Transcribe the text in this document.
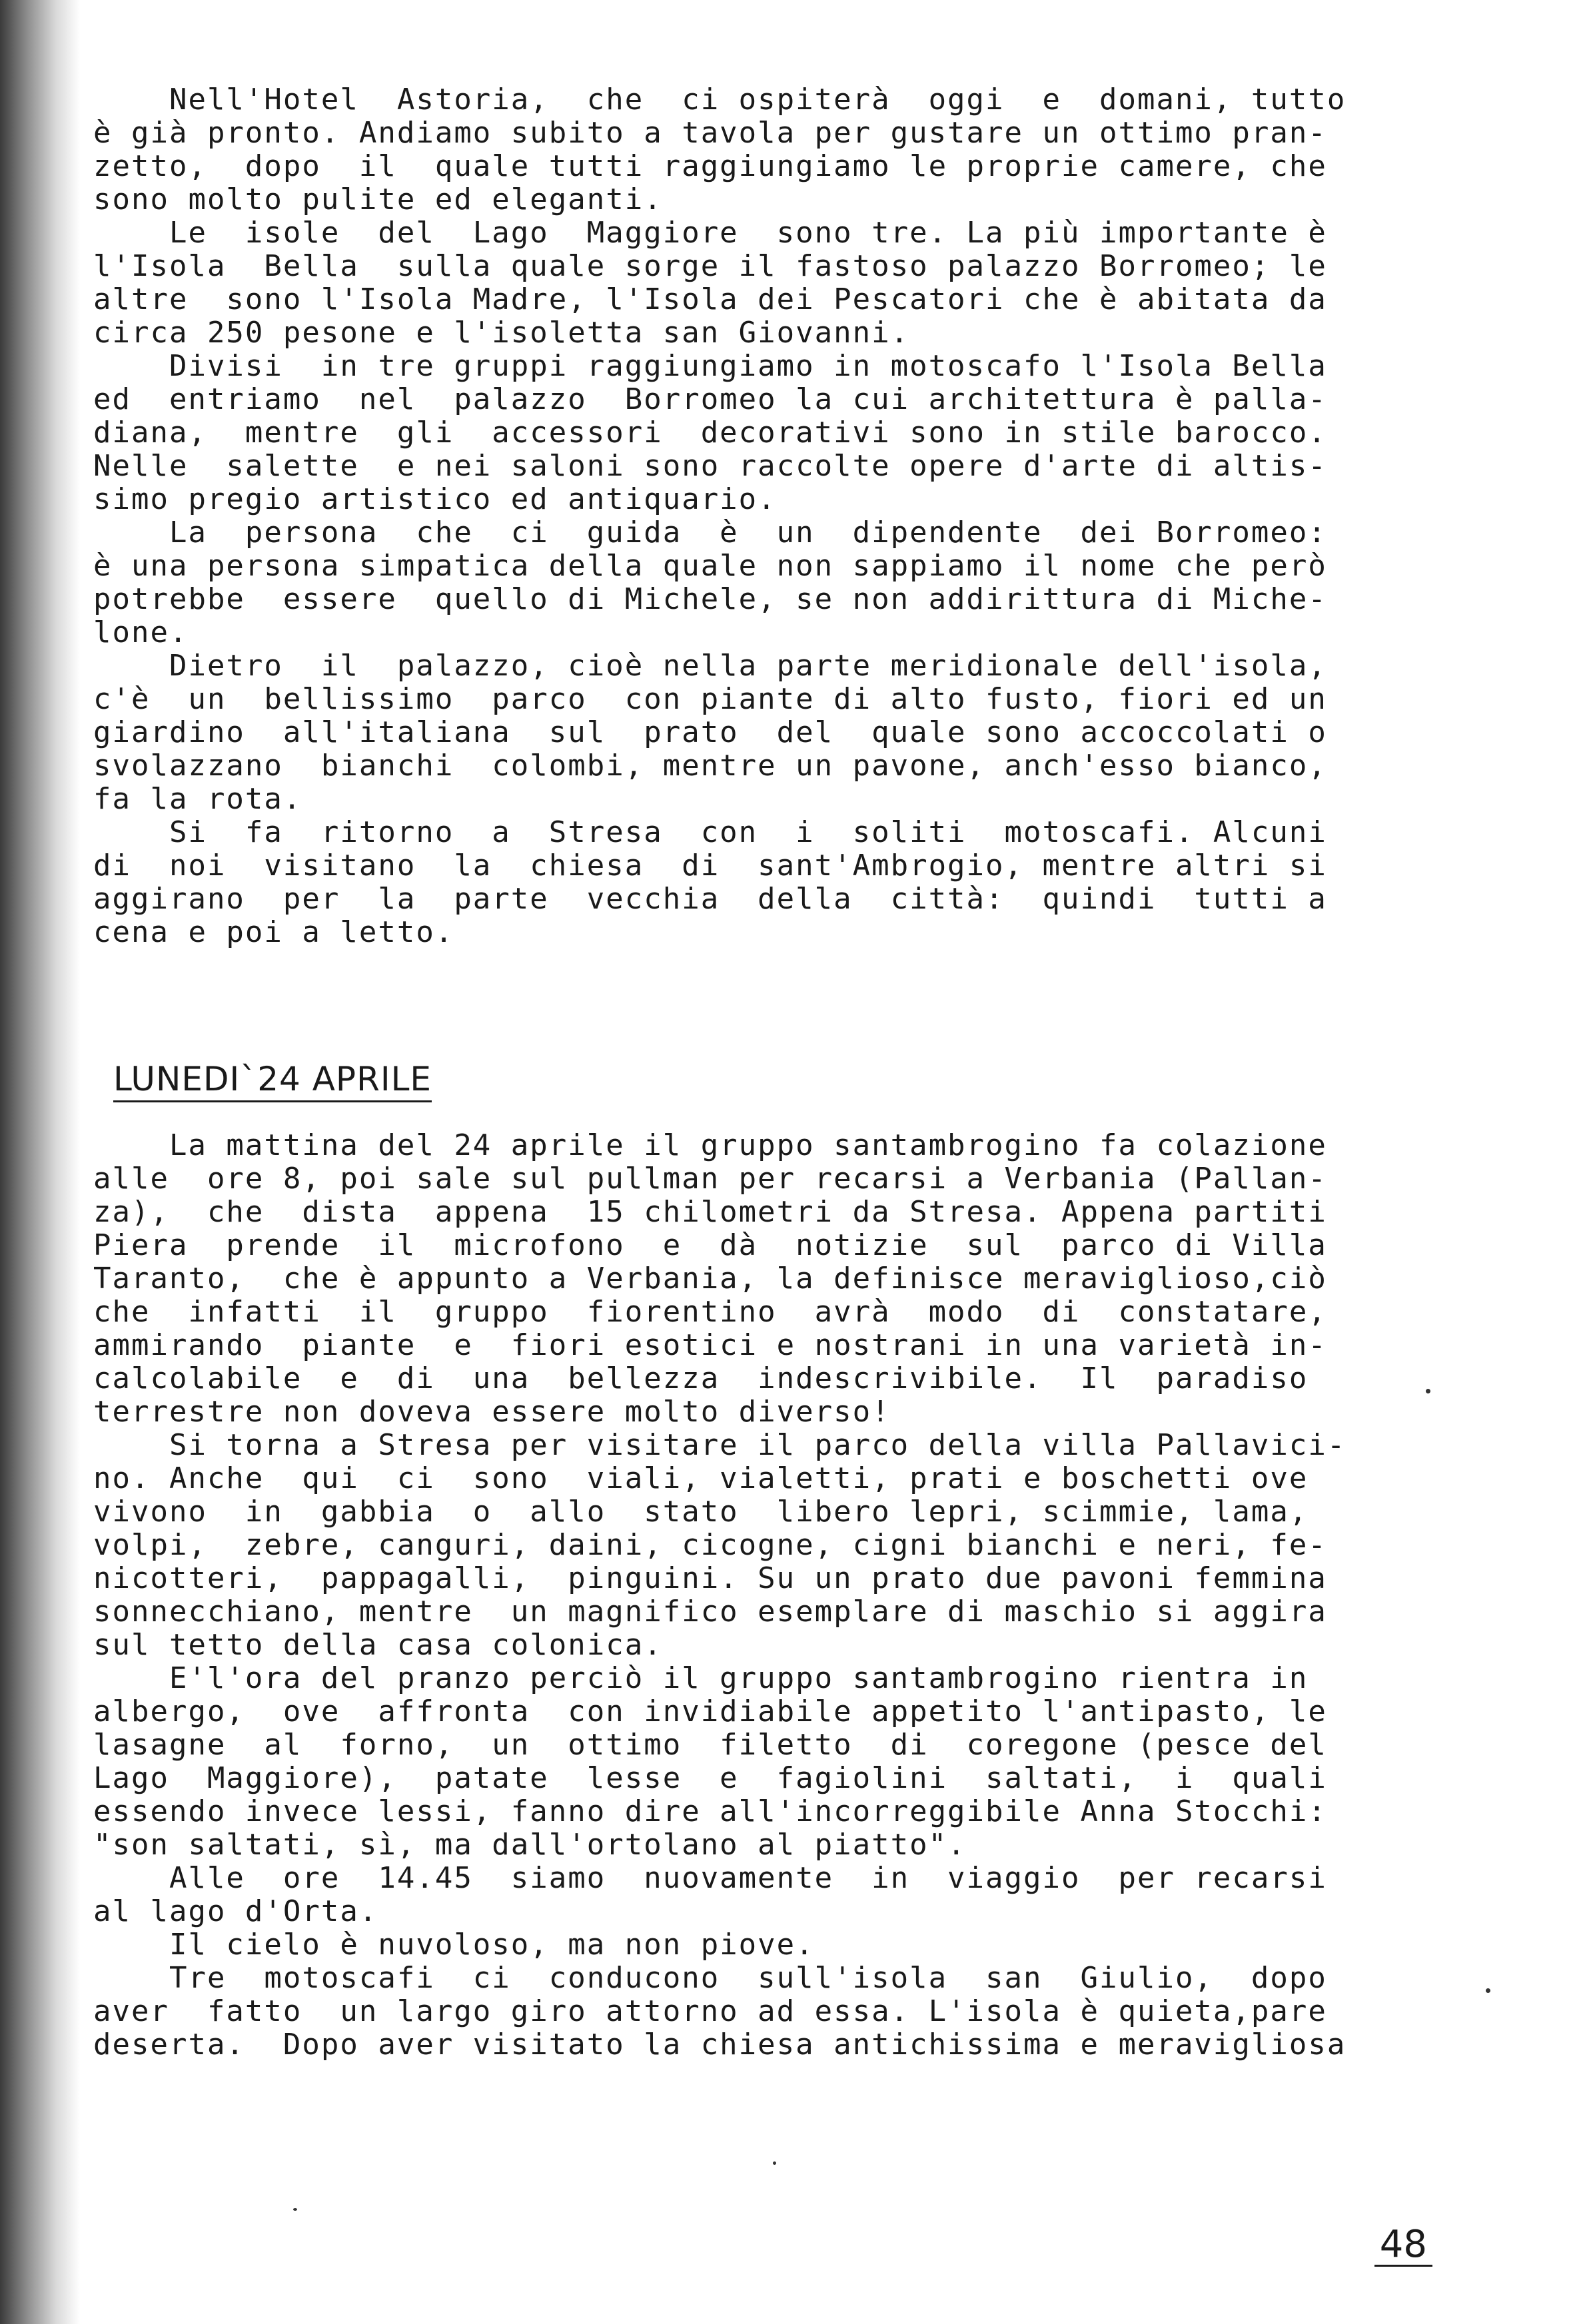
Nell'Hotel  Astoria,  che  ci ospiterà  oggi  e  domani, tutto
è già pronto. Andiamo subito a tavola per gustare un ottimo pran-
zetto,  dopo  il  quale tutti raggiungiamo le proprie camere, che
sono molto pulite ed eleganti.
Le  isole  del  Lago  Maggiore  sono tre. La più importante è
l'Isola  Bella  sulla quale sorge il fastoso palazzo Borromeo; le
altre  sono l'Isola Madre, l'Isola dei Pescatori che è abitata da
circa 250 pesone e l'isoletta san Giovanni.
Divisi  in tre gruppi raggiungiamo in motoscafo l'Isola Bella
ed  entriamo  nel  palazzo  Borromeo la cui architettura è palla-
diana,  mentre  gli  accessori  decorativi sono in stile barocco.
Nelle  salette  e nei saloni sono raccolte opere d'arte di altis-
simo pregio artistico ed antiquario.
La  persona  che  ci  guida  è  un  dipendente  dei Borromeo:
è una persona simpatica della quale non sappiamo il nome che però
potrebbe  essere  quello di Michele, se non addirittura di Miche-
lone.
Dietro  il  palazzo, cioè nella parte meridionale dell'isola,
c'è  un  bellissimo  parco  con piante di alto fusto, fiori ed un
giardino  all'italiana  sul  prato  del  quale sono accoccolati o
svolazzano  bianchi  colombi, mentre un pavone, anch'esso bianco,
fa la rota.
Si  fa  ritorno  a  Stresa  con  i  soliti  motoscafi. Alcuni
di  noi  visitano  la  chiesa  di  sant'Ambrogio, mentre altri si
aggirano  per  la  parte  vecchia  della  città:  quindi  tutti a
cena e poi a letto.
LUNEDI`24 APRILE
La mattina del 24 aprile il gruppo santambrogino fa colazione
alle  ore 8, poi sale sul pullman per recarsi a Verbania (Pallan-
za),  che  dista  appena  15 chilometri da Stresa. Appena partiti
Piera  prende  il  microfono  e  dà  notizie  sul  parco di Villa
Taranto,  che è appunto a Verbania, la definisce meraviglioso,ciò
che  infatti  il  gruppo  fiorentino  avrà  modo  di  constatare,
ammirando  piante  e  fiori esotici e nostrani in una varietà in-
calcolabile  e  di  una  bellezza  indescrivibile.  Il  paradiso
terrestre non doveva essere molto diverso!
Si torna a Stresa per visitare il parco della villa Pallavici-
no. Anche  qui  ci  sono  viali, vialetti, prati e boschetti ove
vivono  in  gabbia  o  allo  stato  libero lepri, scimmie, lama,
volpi,  zebre, canguri, daini, cicogne, cigni bianchi e neri, fe-
nicotteri,  pappagalli,  pinguini. Su un prato due pavoni femmina
sonnecchiano, mentre  un magnifico esemplare di maschio si aggira
sul tetto della casa colonica.
E'l'ora del pranzo perciò il gruppo santambrogino rientra in
albergo,  ove  affronta  con invidiabile appetito l'antipasto, le
lasagne  al  forno,  un  ottimo  filetto  di  coregone (pesce del
Lago  Maggiore),  patate  lesse  e  fagiolini  saltati,  i  quali
essendo invece lessi, fanno dire all'incorreggibile Anna Stocchi:
"son saltati, sì, ma dall'ortolano al piatto".
Alle  ore  14.45  siamo  nuovamente  in  viaggio  per recarsi
al lago d'Orta.
Il cielo è nuvoloso, ma non piove.
Tre  motoscafi  ci  conducono  sull'isola  san  Giulio,  dopo
aver  fatto  un largo giro attorno ad essa. L'isola è quieta,pare
deserta.  Dopo aver visitato la chiesa antichissima e meravigliosa
48
